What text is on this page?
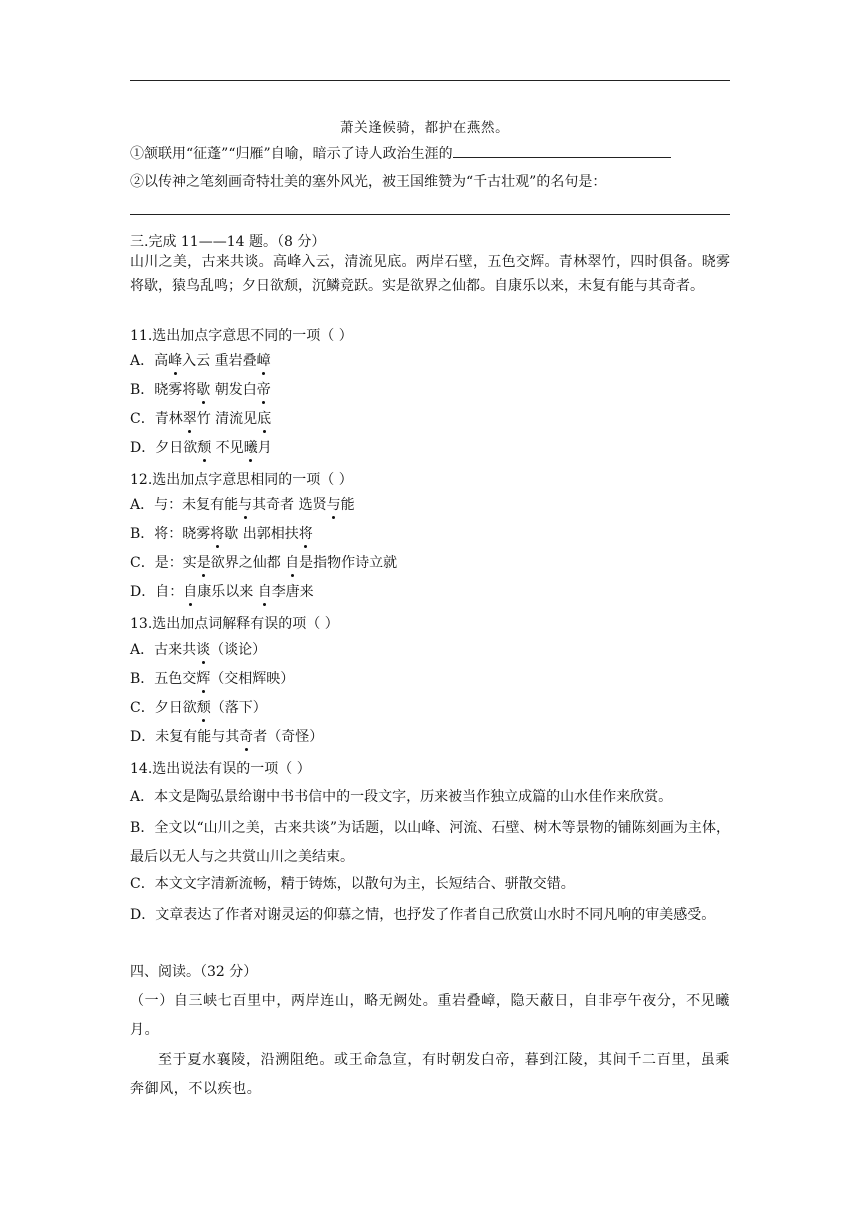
萧关逢候骑，都护在燕然。
①颔联用“征蓬”“归雁”自喻，暗示了诗人政治生涯的
②以传神之笔刻画奇特壮美的塞外风光，被王国维赞为“千古壮观”的名句是：
三.完成 11——14 题。（8 分）
山川之美，古来共谈。高峰入云，清流见底。两岸石壁，五色交辉。青林翠竹，四时俱备。晓雾将歇，猿鸟乱鸣；夕日欲颓，沉鳞竞跃。实是欲界之仙都。自康乐以来，未复有能与其奇者。
11.选出加点字意思不同的一项（ ）
A．高峰入云 重岩叠嶂
B．晓雾将歇 朝发白帝
C．青林翠竹 清流见底
D．夕日欲颓 不见曦月
12.选出加点字意思相同的一项（ ）
A．与：未复有能与其奇者 选贤与能
B．将：晓雾将歇 出郭相扶将
C．是：实是欲界之仙都 自是指物作诗立就
D．自：自康乐以来 自李唐来
13.选出加点词解释有误的项（ ）
A．古来共谈（谈论）
B．五色交辉（交相辉映）
C．夕日欲颓（落下）
D．未复有能与其奇者（奇怪）
14.选出说法有误的一项（ ）
A．本文是陶弘景给谢中书书信中的一段文字，历来被当作独立成篇的山水佳作来欣赏。
B．全文以“山川之美，古来共谈”为话题，以山峰、河流、石壁、树木等景物的铺陈刻画为主体，最后以无人与之共赏山川之美结束。
C．本文文字清新流畅，精于铸炼，以散句为主，长短结合、骈散交错。
D．文章表达了作者对谢灵运的仰慕之情，也抒发了作者自己欣赏山水时不同凡响的审美感受。
四、阅读。（32 分）
（一）自三峡七百里中，两岸连山，略无阙处。重岩叠嶂，隐天蔽日，自非亭午夜分，不见曦月。
至于夏水襄陵，沿溯阻绝。或王命急宣，有时朝发白帝，暮到江陵，其间千二百里，虽乘奔御风，不以疾也。
